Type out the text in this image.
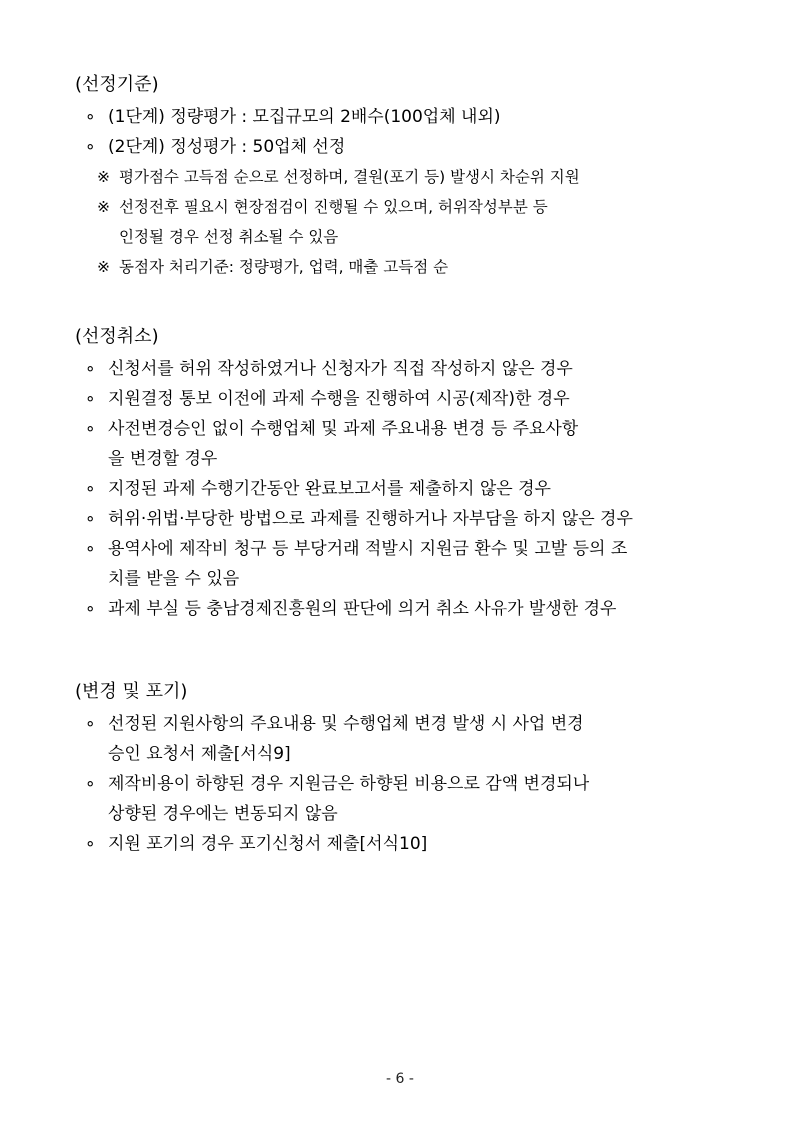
(선정기준)
∘ (1단계) 정량평가 : 모집규모의 2배수(100업체 내외)
∘ (2단계) 정성평가 : 50업체 선정
※ 평가점수 고득점 순으로 선정하며, 결원(포기 등) 발생시 차순위 지원
※ 선정전후 필요시 현장점검이 진행될 수 있으며, 허위작성부분 등
인정될 경우 선정 취소될 수 있음
※ 동점자 처리기준: 정량평가, 업력, 매출 고득점 순
(선정취소)
∘ 신청서를 허위 작성하였거나 신청자가 직접 작성하지 않은 경우
∘ 지원결정 통보 이전에 과제 수행을 진행하여 시공(제작)한 경우
∘ 사전변경승인 없이 수행업체 및 과제 주요내용 변경 등 주요사항
을 변경할 경우
∘ 지정된 과제 수행기간동안 완료보고서를 제출하지 않은 경우
∘ 허위·위법·부당한 방법으로 과제를 진행하거나 자부담을 하지 않은 경우
∘ 용역사에 제작비 청구 등 부당거래 적발시 지원금 환수 및 고발 등의 조
치를 받을 수 있음
∘ 과제 부실 등 충남경제진흥원의 판단에 의거 취소 사유가 발생한 경우
(변경 및 포기)
∘ 선정된 지원사항의 주요내용 및 수행업체 변경 발생 시 사업 변경
승인 요청서 제출[서식9]
∘ 제작비용이 하향된 경우 지원금은 하향된 비용으로 감액 변경되나
상향된 경우에는 변동되지 않음
∘ 지원 포기의 경우 포기신청서 제출[서식10]
- 6 -
